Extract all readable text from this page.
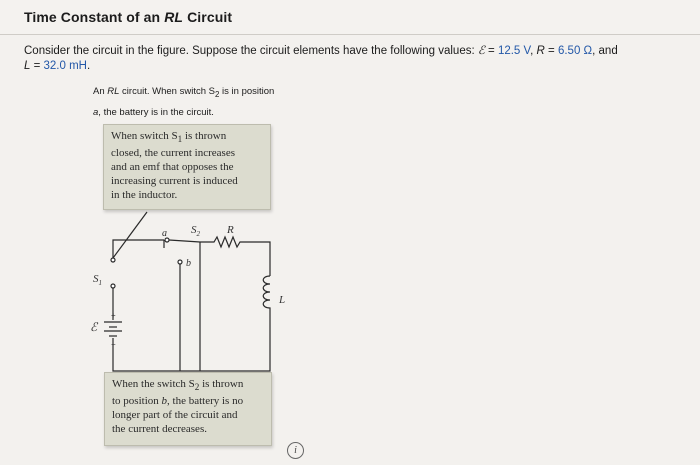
Time Constant of an RL Circuit
Consider the circuit in the figure. Suppose the circuit elements have the following values: ℰ = 12.5 V, R = 6.50 Ω, and
L = 32.0 mH.
An RL circuit. When switch $S_2$ is in position
a, the battery is in the circuit.
a
b
$S_2$ R
$S_1$
L
ℰ
+
−
When switch $S_1$ is thrown
closed, the current increases
and an emf that opposes the
increasing current is induced
in the inductor.
When the switch $S_2$ is thrown
to position b, the battery is no
longer part of the circuit and
the current decreases.
i
